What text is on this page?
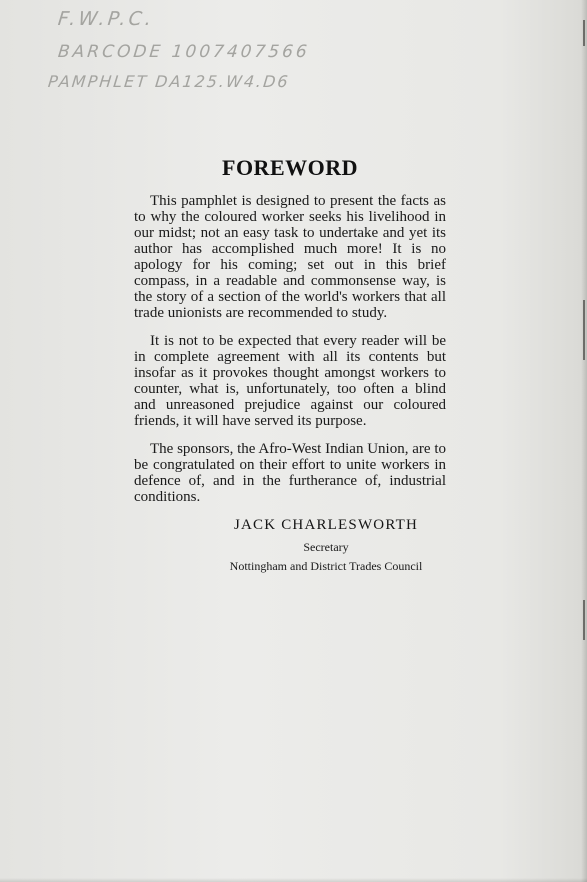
F.W.P.C.
BARCODE 1007407566
PAMPHLET DA125.W4.D6
FOREWORD

This pamphlet is designed to present the facts as to why the coloured worker seeks his livelihood in our midst; not an easy task to undertake and yet its author has accomplished much more! It is no apology for his coming; set out in this brief compass, in a readable and commonsense way, is the story of a section of the world's workers that all trade unionists are recommended to study.

It is not to be expected that every reader will be in complete agreement with all its contents but insofar as it provokes thought amongst workers to counter, what is, unfortunately, too often a blind and unreasoned prejudice against our coloured friends, it will have served its purpose.

The sponsors, the Afro-West Indian Union, are to be congratulated on their effort to unite workers in defence of, and in the furtherance of, industrial conditions.

JACK CHARLESWORTH

Secretary

Nottingham and District Trades Council
